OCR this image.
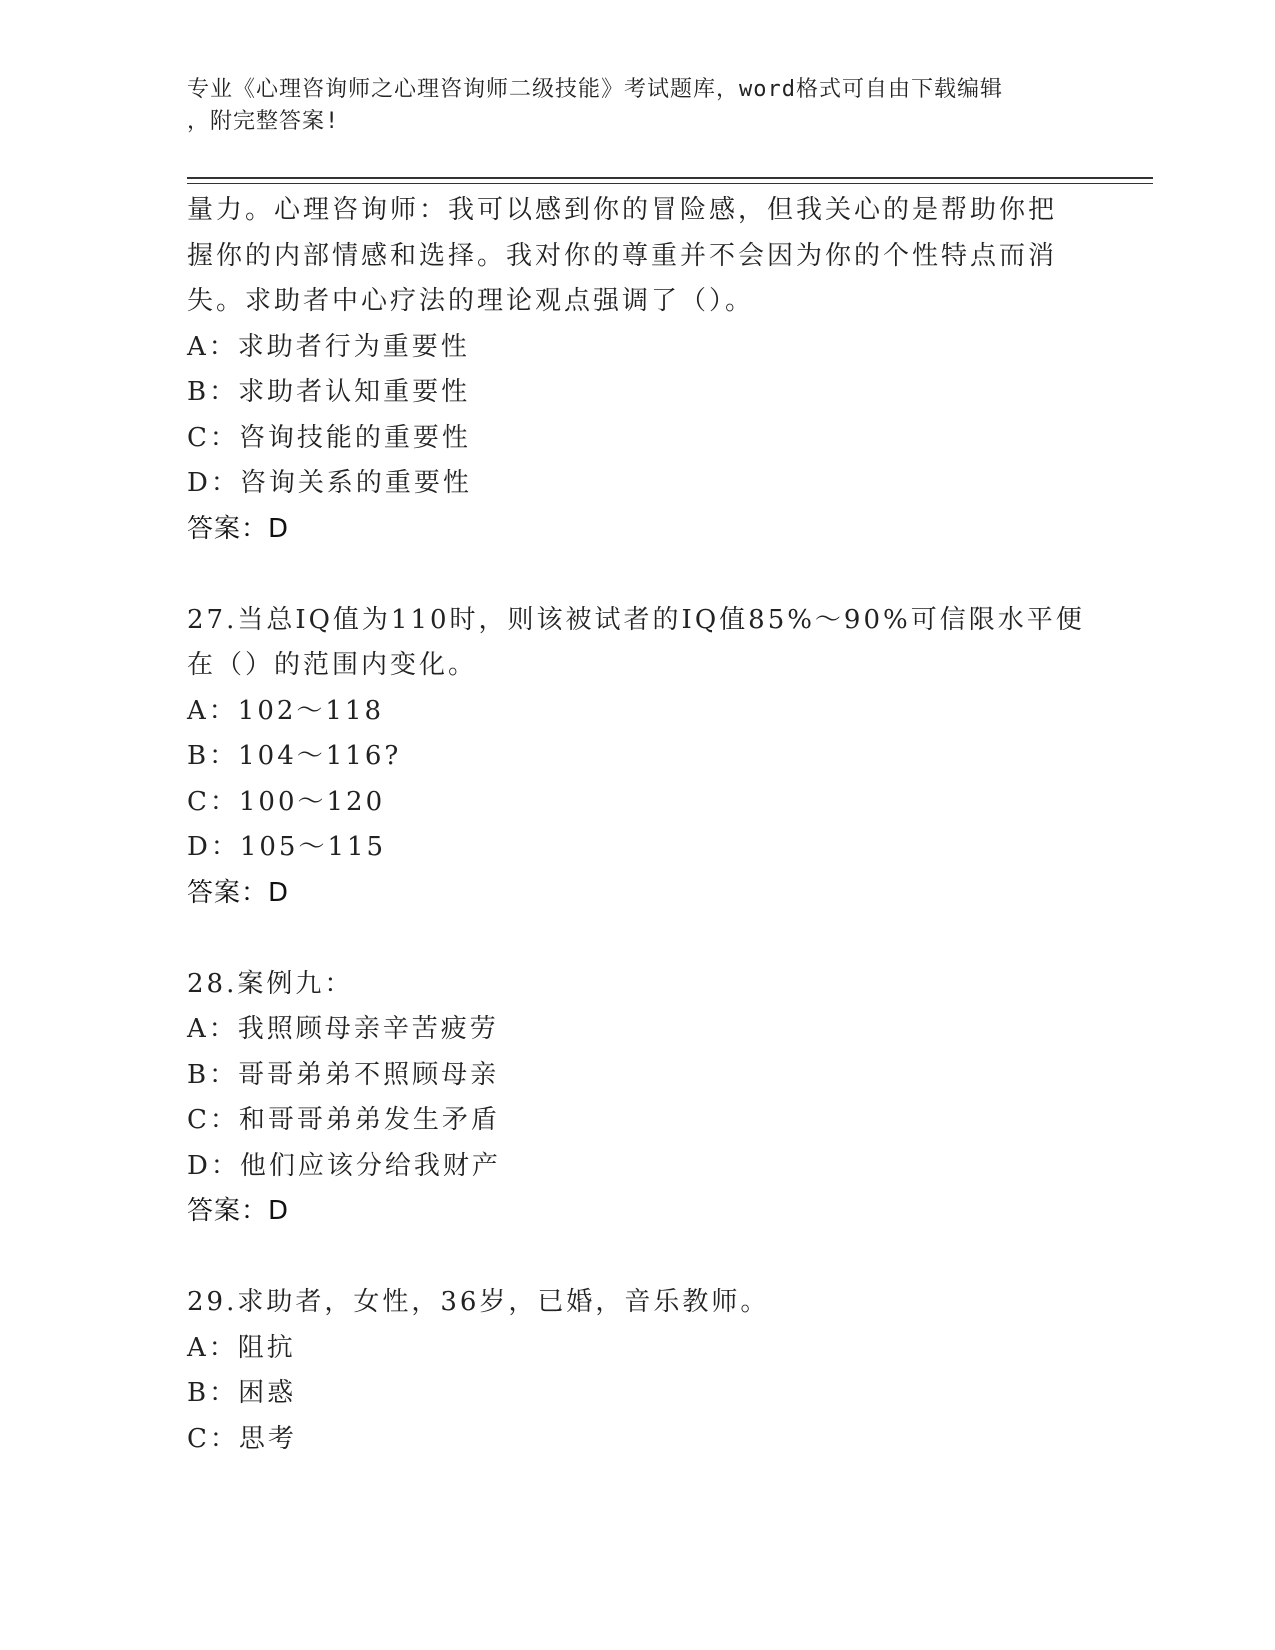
专业《心理咨询师之心理咨询师二级技能》考试题库，word格式可自由下载编辑
，附完整答案!
量力。心理咨询师：我可以感到你的冒险感，但我关心的是帮助你把
握你的内部情感和选择。我对你的尊重并不会因为你的个性特点而消
失。求助者中心疗法的理论观点强调了（）。
A：求助者行为重要性
B：求助者认知重要性
C：咨询技能的重要性
D：咨询关系的重要性
答案：D
27.当总IQ值为110时，则该被试者的IQ值85%～90%可信限水平便
在（）的范围内变化。
A：102～118
B：104～116?
C：100～120
D：105～115
答案：D
28.案例九：
A：我照顾母亲辛苦疲劳
B：哥哥弟弟不照顾母亲
C：和哥哥弟弟发生矛盾
D：他们应该分给我财产
答案：D
29.求助者，女性，36岁，已婚，音乐教师。
A：阻抗
B：困惑
C：思考
